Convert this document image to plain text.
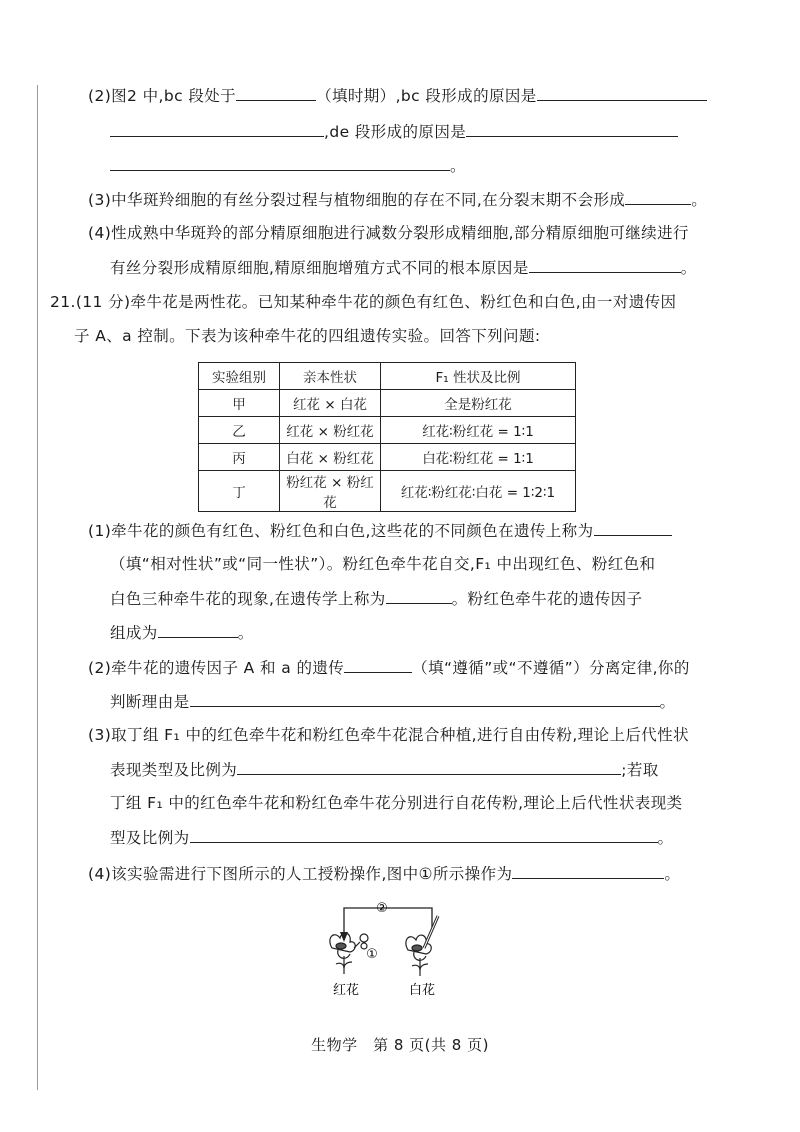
(2)图2 中,bc 段处于	（填时期）,bc 段形成的原因是
,de 段形成的原因是
。
(3)中华斑羚细胞的有丝分裂过程与植物细胞的存在不同,在分裂末期不会形成	。
(4)性成熟中华斑羚的部分精原细胞进行减数分裂形成精细胞,部分精原细胞可继续进行
有丝分裂形成精原细胞,精原细胞增殖方式不同的根本原因是	。
21.(11 分)牵牛花是两性花。已知某种牵牛花的颜色有红色、粉红色和白色,由一对遗传因
子 A、a 控制。下表为该种牵牛花的四组遗传实验。回答下列问题:
实验组别	亲本性状	F₁ 性状及比例
甲	红花 × 白花	全是粉红花
乙	红花 × 粉红花	红花∶粉红花 = 1∶1
丙	白花 × 粉红花	白花∶粉红花 = 1∶1
丁	粉红花 × 粉红花	红花∶粉红花∶白花 = 1∶2∶1
(1)牵牛花的颜色有红色、粉红色和白色,这些花的不同颜色在遗传上称为
（填“相对性状”或“同一性状”）。粉红色牵牛花自交,F₁ 中出现红色、粉红色和
白色三种牵牛花的现象,在遗传学上称为	。粉红色牵牛花的遗传因子
组成为	。
(2)牵牛花的遗传因子 A 和 a 的遗传	（填“遵循”或“不遵循”）分离定律,你的
判断理由是	。
(3)取丁组 F₁ 中的红色牵牛花和粉红色牵牛花混合种植,进行自由传粉,理论上后代性状
表现类型及比例为	;若取
丁组 F₁ 中的红色牵牛花和粉红色牵牛花分别进行自花传粉,理论上后代性状表现类
型及比例为	。
(4)该实验需进行下图所示的人工授粉操作,图中①所示操作为	。
②
①
红花	白花
生物学　第 8 页(共 8 页)
